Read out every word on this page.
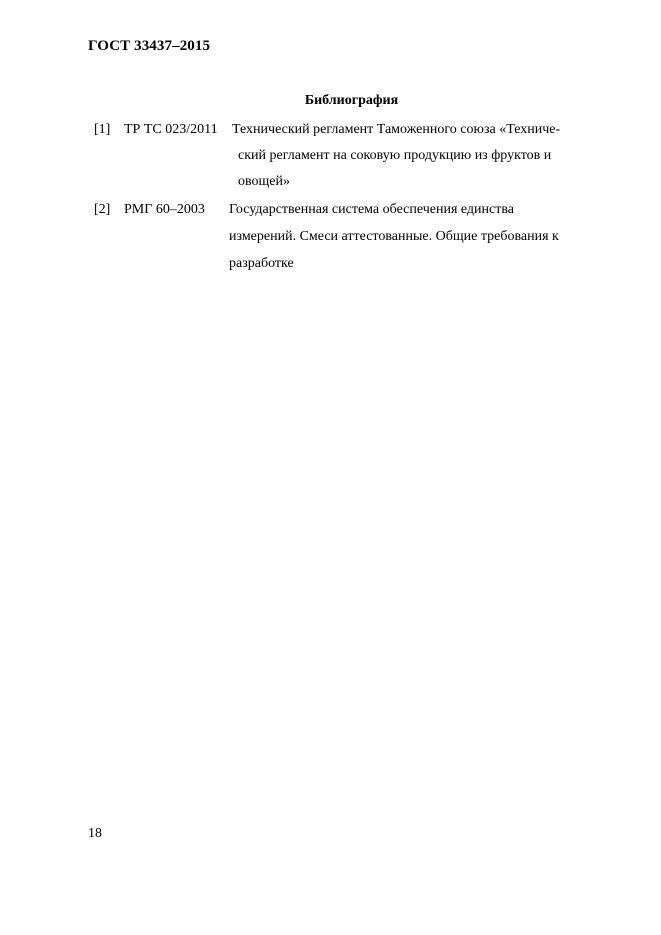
ГОСТ 33437–2015
Библиография
[1] ТР ТС 023/2011 Технический регламент Таможенного союза «Техниче-
ский регламент на соковую продукцию из фруктов и
овощей»
[2] РМГ 60–2003 Государственная система обеспечения единства
измерений. Смеси аттестованные. Общие требования к
разработке
18
